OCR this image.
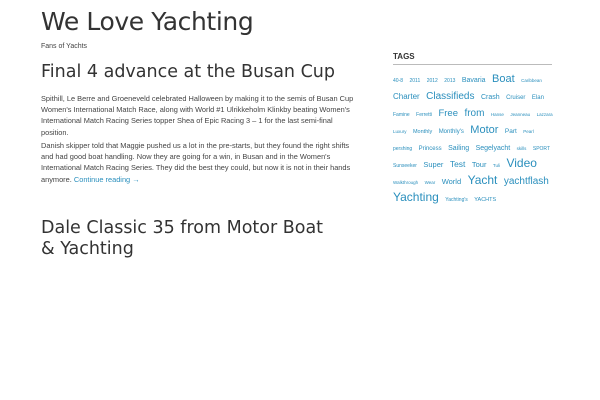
We Love Yachting
Fans of Yachts
Final 4 advance at the Busan Cup

Spithill, Le Berre and Groeneveld celebrated Halloween by making it to the semis of Busan Cup Women's International Match Race, along with World #1 Ulrikkeholm Klinkby beating Women's International Match Racing Series topper Shea of Epic Racing 3 – 1 for the last semi-final position.

Danish skipper told that Maggie pushed us a lot in the pre-starts, but they found the right shifts and had good boat handling. Now they are going for a win, in Busan and in the Women's International Match Racing Series. They did the best they could, but now it is not in their hands anymore. Continue reading →

Dale Classic 35 from Motor Boat & Yachting
TAGS
40-8 2011 2012 2013 Bavaria Boat Caribbean Charter Classifieds Crash Cruiser Elan Famine Ferretti Free from Hanse Jeanneau Lazzara Luxury Monthly Monthly's Motor Part Pearl pershing Princess Sailing Segelyacht skills SPORT Sunseeker Super Test Tour Tuli Video Walkthrough Wear World Yacht yachtflash Yachting Yachting's YACHTS
